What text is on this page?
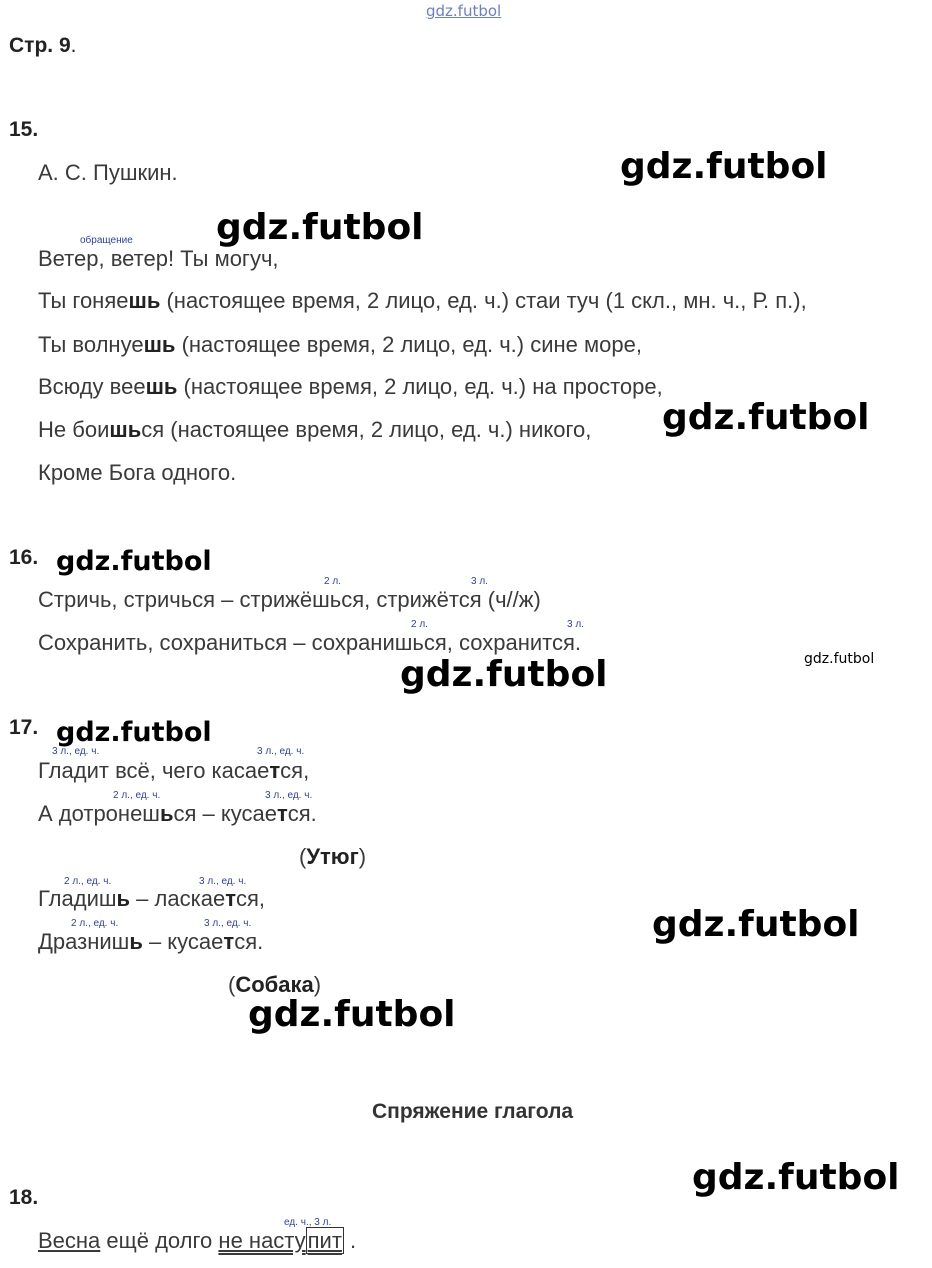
gdz.futbol
Стр. 9.
15.
А. С. Пушкин.	gdz.futbol
gdz.futbol
обращение
Ветер, ветер! Ты могуч,
Ты гоняешь (настоящее время, 2 лицо, ед. ч.) стаи туч (1 скл., мн. ч., Р. п.),
Ты волнуешь (настоящее время, 2 лицо, ед. ч.) сине море,
Всюду веешь (настоящее время, 2 лицо, ед. ч.) на просторе,
Не боишься (настоящее время, 2 лицо, ед. ч.) никого, gdz.futbol
Кроме Бога одного.
16. gdz.futbol
2 л.	3 л.
Стричь, стричься – стрижёшься, стрижётся (ч//ж)
2 л.	3 л.
Сохранить, сохраниться – сохранишься, сохранится.
gdz.futbol
gdz.futbol
17. gdz.futbol
3 л., ед. ч.	3 л., ед. ч.
Гладит всё, чего касается,
2 л., ед. ч.	3 л., ед. ч.
А дотронешься – кусается.
(Утюг)
2 л., ед. ч.	3 л., ед. ч.
Гладишь – ласкается,
gdz.futbol
2 л., ед. ч.	3 л., ед. ч.
Дразнишь – кусается.
(Собака)
gdz.futbol
Спряжение глагола
gdz.futbol
18.
ед. ч., 3 л.
Весна ещё долго не наступит .
